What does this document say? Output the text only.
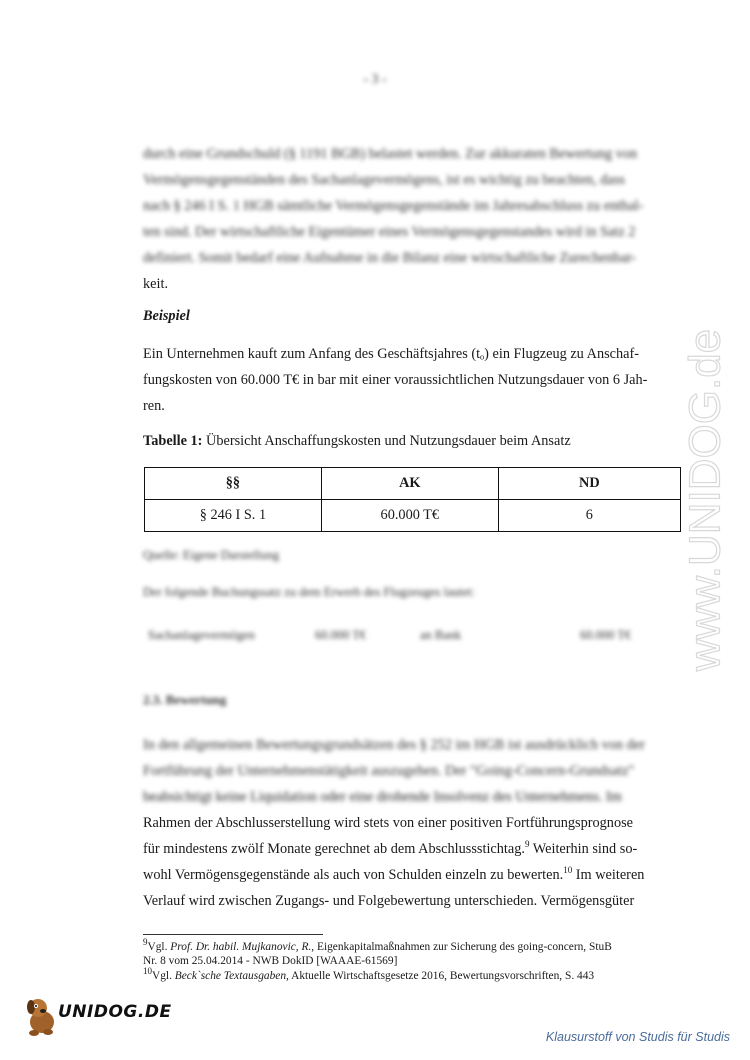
- 3 -
durch eine Grundschuld (§ 1191 BGB) belastet werden. Zur akkuraten Bewertung von
Vermögensgegenständen des Sachanlagevermögens, ist es wichtig zu beachten, dass
nach § 246 I S. 1 HGB sämtliche Vermögensgegenstände im Jahresabschluss zu enthal-
ten sind. Der wirtschaftliche Eigentümer eines Vermögensgegenstandes wird in Satz 2
definiert. Somit bedarf eine Aufnahme in die Bilanz eine wirtschaftliche Zurechenbar-
keit.
Beispiel
Ein Unternehmen kauft zum Anfang des Geschäftsjahres (tₒ) ein Flugzeug zu Anschaf-
fungskosten von 60.000 T€ in bar mit einer voraussichtlichen Nutzungsdauer von 6 Jah-
ren.
Tabelle 1: Übersicht Anschaffungskosten und Nutzungsdauer beim Ansatz
§§	AK	ND
§ 246 I S. 1	60.000 T€	6
Quelle: Eigene Darstellung
Der folgende Buchungssatz zu dem Erwerb des Flugzeuges lautet:
Sachanlagevermögen	60.000 T€	an Bank	60.000 T€
2.3. Bewertung
In den allgemeinen Bewertungsgrundsätzen des § 252 im HGB ist ausdrücklich von der
Fortführung der Unternehmenstätigkeit auszugehen. Der "Going-Concern-Grundsatz"
beabsichtigt keine Liquidation oder eine drohende Insolvenz des Unternehmens. Im
Rahmen der Abschlusserstellung wird stets von einer positiven Fortführungsprognose
für mindestens zwölf Monate gerechnet ab dem Abschlussstichtag.$^9$ Weiterhin sind so-
wohl Vermögensgegenstände als auch von Schulden einzeln zu bewerten.$^{10}$ Im weiteren
Verlauf wird zwischen Zugangs- und Folgebewertung unterschieden. Vermögensgüter
$^9$Vgl. Prof. Dr. habil. Mujkanovic, R., Eigenkapitalmaßnahmen zur Sicherung des going-concern, StuB
Nr. 8 vom 25.04.2014 - NWB DokID [WAAAE-61569]
$^{10}$Vgl. Beck`sche Textausgaben, Aktuelle Wirtschaftsgesetze 2016, Bewertungsvorschriften, S. 443
www.UNIDOG.de
UNIDOG.DE
Klausurstoff von Studis für Studis
